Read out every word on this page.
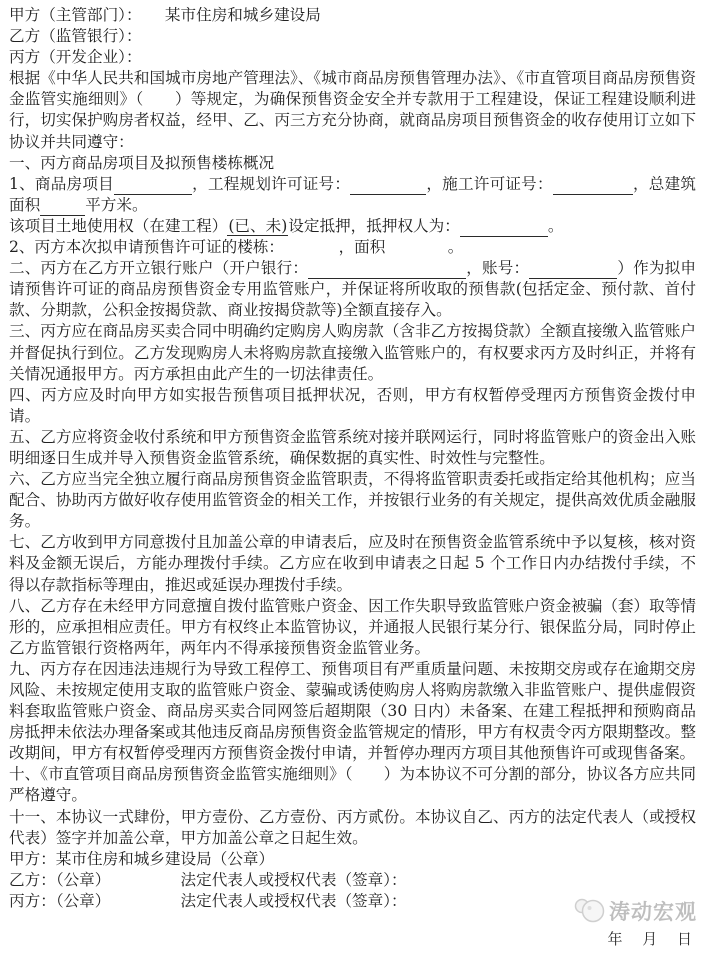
甲方（主管部门）：　　某市住房和城乡建设局

乙方（监管银行）：

丙方（开发企业）：

根据《中华人民共和国城市房地产管理法》、《城市商品房预售管理办法》、《市直管项目商品房预售资金监管实施细则》（　　）等规定，为确保预售资金安全并专款用于工程建设，保证工程建设顺利进行，切实保护购房者权益，经甲、乙、丙三方充分协商，就商品房项目预售资金的收存使用订立如下协议并共同遵守：

一、丙方商品房项目及拟预售楼栋概况

1、商品房项目	，工程规划许可证号：	，施工许可证号：	，总建筑面积	平方米。

该项目土地使用权（在建工程）(已、未)设定抵押，抵押权人为：	。

2、丙方本次拟申请预售许可证的楼栋：　　　　，面积　　　　。

二、丙方在乙方开立银行账户（开户银行：	，账号：	）作为拟申请预售许可证的商品房预售资金专用监管账户，并保证将所收取的预售款(包括定金、预付款、首付款、分期款，公积金按揭贷款、商业按揭贷款等)全额直接存入。

三、丙方应在商品房买卖合同中明确约定购房人购房款（含非乙方按揭贷款）全额直接缴入监管账户并督促执行到位。乙方发现购房人未将购房款直接缴入监管账户的，有权要求丙方及时纠正，并将有关情况通报甲方。丙方承担由此产生的一切法律责任。

四、丙方应及时向甲方如实报告预售项目抵押状况，否则，甲方有权暂停受理丙方预售资金拨付申请。

五、乙方应将资金收付系统和甲方预售资金监管系统对接并联网运行，同时将监管账户的资金出入账明细逐日生成并导入预售资金监管系统，确保数据的真实性、时效性与完整性。

六、乙方应当完全独立履行商品房预售资金监管职责，不得将监管职责委托或指定给其他机构；应当配合、协助丙方做好收存使用监管资金的相关工作，并按银行业务的有关规定，提供高效优质金融服务。

七、乙方收到甲方同意拨付且加盖公章的申请表后，应及时在预售资金监管系统中予以复核，核对资料及金额无误后，方能办理拨付手续。乙方应在收到申请表之日起 5 个工作日内办结拨付手续，不得以存款指标等理由，推迟或延误办理拨付手续。

八、乙方存在未经甲方同意擅自拨付监管账户资金、因工作失职导致监管账户资金被骗（套）取等情形的，应承担相应责任。甲方有权终止本监管协议，并通报人民银行某分行、银保监分局，同时停止乙方监管银行资格两年，两年内不得承接预售资金监管业务。

九、丙方存在因违法违规行为导致工程停工、预售项目有严重质量问题、未按期交房或存在逾期交房风险、未按规定使用支取的监管账户资金、蒙骗或诱使购房人将购房款缴入非监管账户、提供虚假资料套取监管账户资金、商品房买卖合同网签后超期限（30 日内）未备案、在建工程抵押和预购商品房抵押未依法办理备案或其他违反商品房预售资金监管规定的情形，甲方有权责令丙方限期整改。整改期间，甲方有权暂停受理丙方预售资金拨付申请，并暂停办理丙方项目其他预售许可或现售备案。

十、《市直管项目商品房预售资金监管实施细则》（　　）为本协议不可分割的部分，协议各方应共同严格遵守。

十一、本协议一式肆份，甲方壹份、乙方壹份、丙方贰份。本协议自乙、丙方的法定代表人（或授权代表）签字并加盖公章，甲方加盖公章之日起生效。

甲方：某市住房和城乡建设局（公章）

乙方：（公章）　　　　　法定代表人或授权代表（签章）：

丙方：（公章）　　　　　法定代表人或授权代表（签章）：	涛动宏观
年　 月　 日
